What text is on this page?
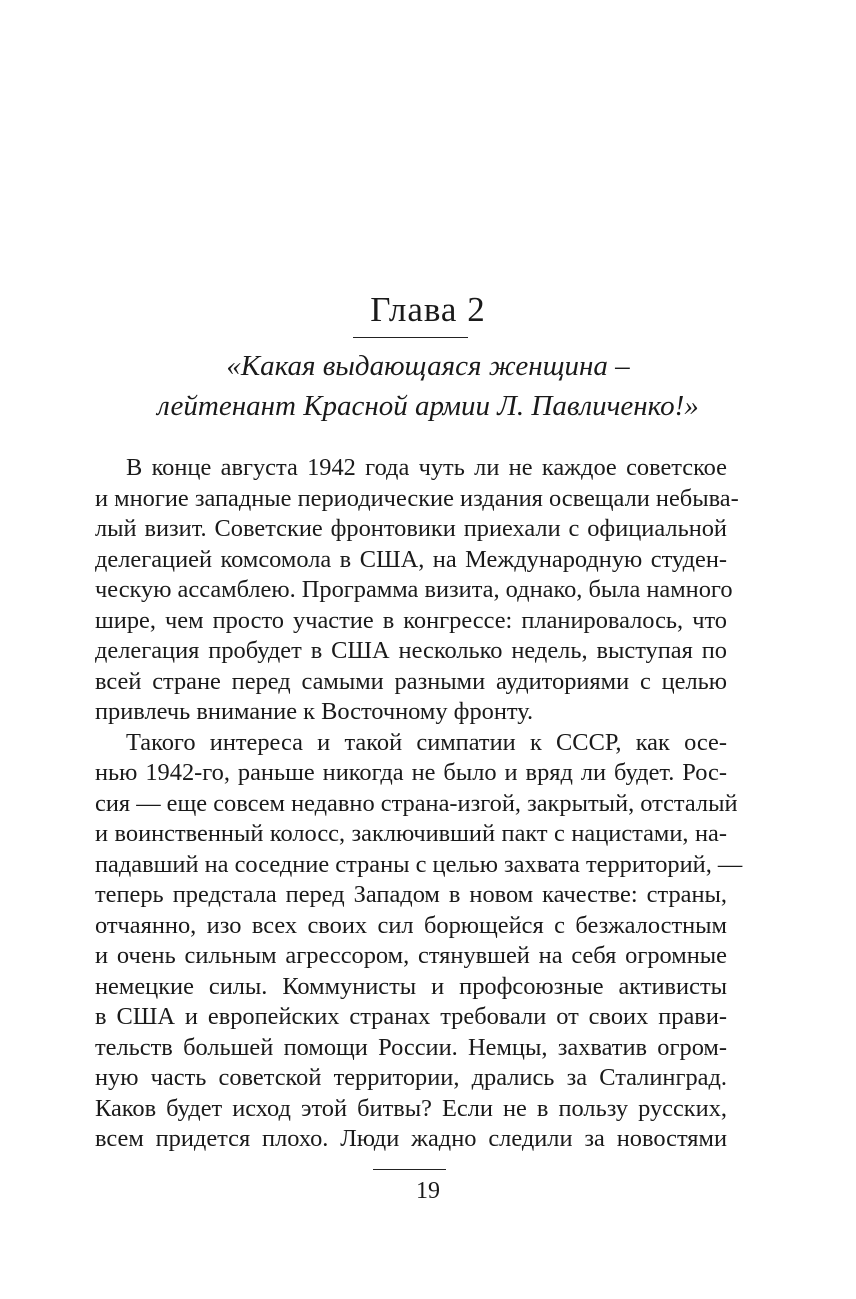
Глава 2
«Какая выдающаяся женщина –
лейтенант Красной армии Л. Павличенко!»
В конце августа 1942 года чуть ли не каждое советское
и многие западные периодические издания освещали небыва-
лый визит. Советские фронтовики приехали с официальной
делегацией комсомола в США, на Международную студен-
ческую ассамблею. Программа визита, однако, была намного
шире, чем просто участие в конгрессе: планировалось, что
делегация пробудет в США несколько недель, выступая по
всей стране перед самыми разными аудиториями с целью
привлечь внимание к Восточному фронту.
Такого интереса и такой симпатии к СССР, как осе-
нью 1942-го, раньше никогда не было и вряд ли будет. Рос-
сия — еще совсем недавно страна-изгой, закрытый, отсталый
и воинственный колосс, заключивший пакт с нацистами, на-
падавший на соседние страны с целью захвата территорий, —
теперь предстала перед Западом в новом качестве: страны,
отчаянно, изо всех своих сил борющейся с безжалостным
и очень сильным агрессором, стянувшей на себя огромные
немецкие силы. Коммунисты и профсоюзные активисты
в США и европейских странах требовали от своих прави-
тельств большей помощи России. Немцы, захватив огром-
ную часть советской территории, дрались за Сталинград.
Каков будет исход этой битвы? Если не в пользу русских,
всем придется плохо. Люди жадно следили за новостями
19
